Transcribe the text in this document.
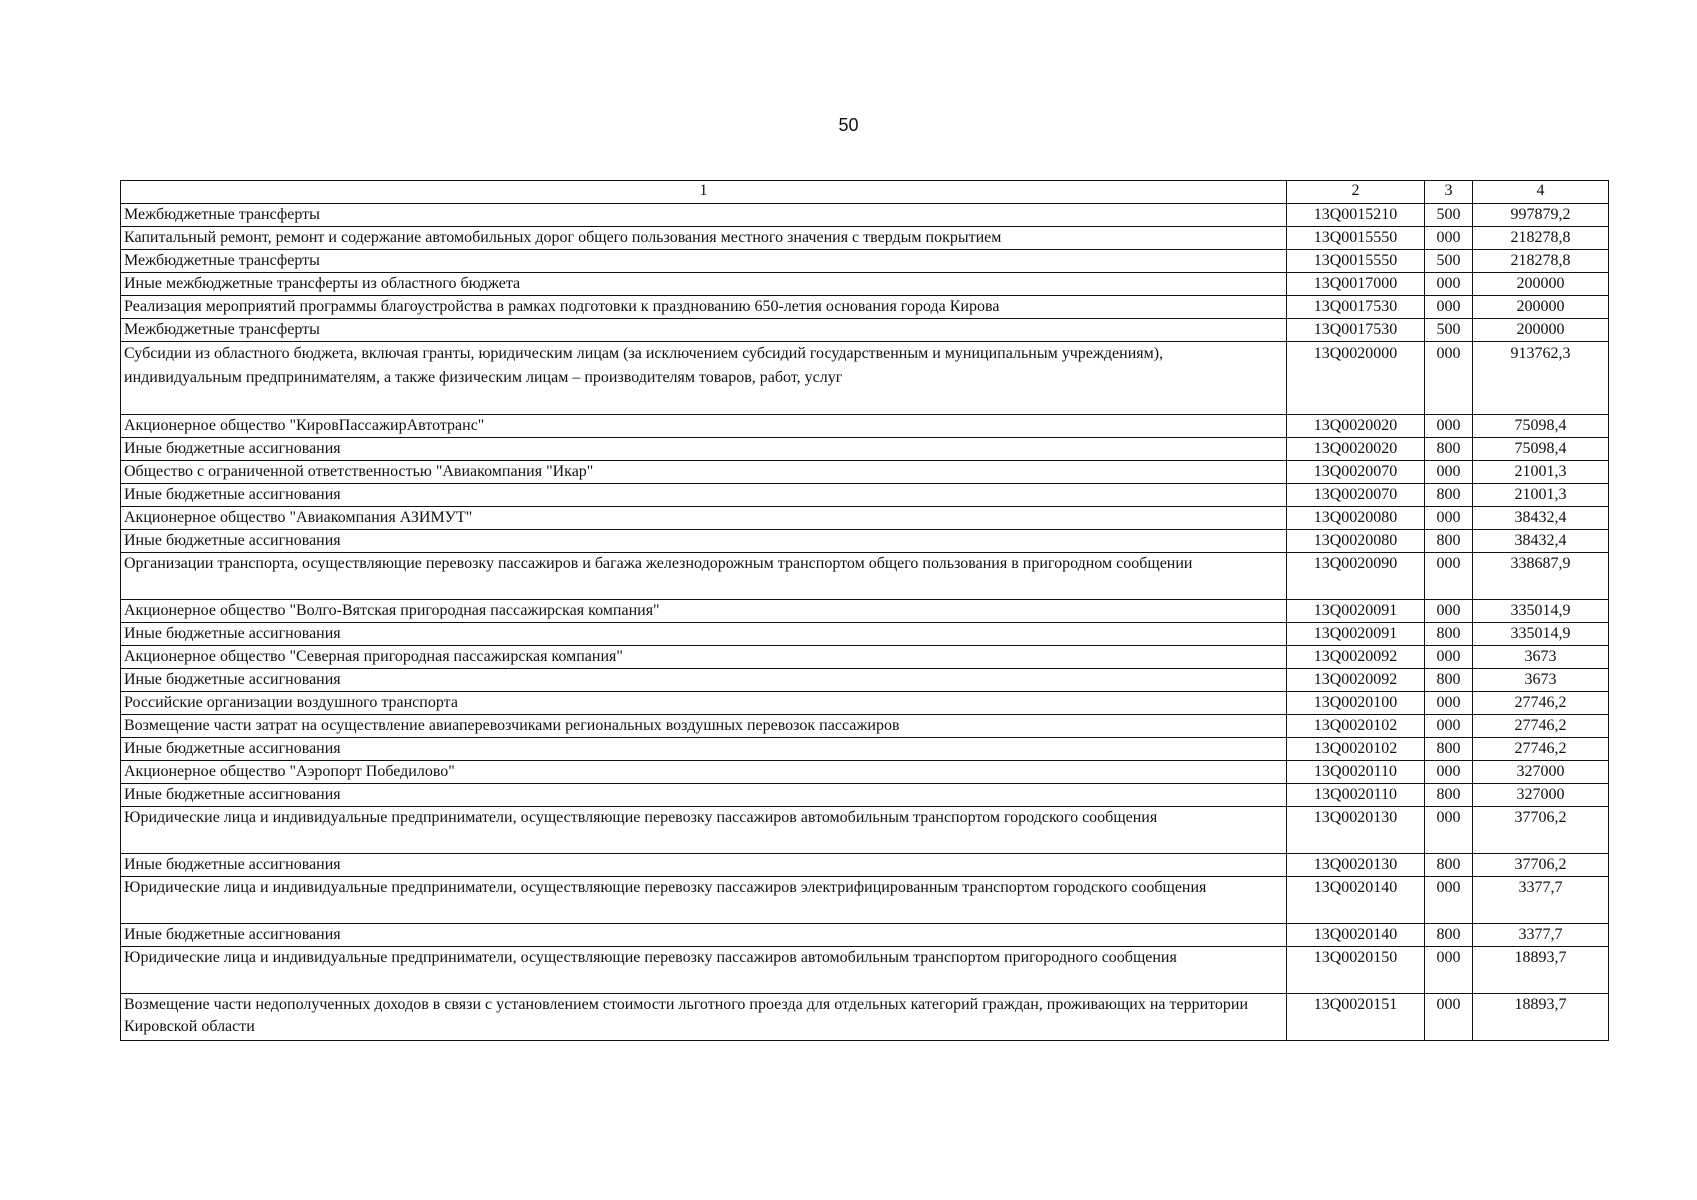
50
1	2	3	4
Межбюджетные трансферты	13Q0015210	500	997879,2
Капитальный ремонт, ремонт и содержание автомобильных дорог общего пользования местного значения с твердым покрытием	13Q0015550	000	218278,8
Межбюджетные трансферты	13Q0015550	500	218278,8
Иные межбюджетные трансферты из областного бюджета	13Q0017000	000	200000
Реализация мероприятий программы благоустройства в рамках подготовки к празднованию 650-летия основания города Кирова	13Q0017530	000	200000
Межбюджетные трансферты	13Q0017530	500	200000
Субсидии из областного бюджета, включая гранты, юридическим лицам (за исключением субсидий государственным и муниципальным учреждениям), индивидуальным предпринимателям, а также физическим лицам – производителям товаров, работ, услуг	13Q0020000	000	913762,3
Акционерное общество "КировПассажирАвтотранс"	13Q0020020	000	75098,4
Иные бюджетные ассигнования	13Q0020020	800	75098,4
Общество с ограниченной ответственностью "Авиакомпания "Икар"	13Q0020070	000	21001,3
Иные бюджетные ассигнования	13Q0020070	800	21001,3
Акционерное общество "Авиакомпания АЗИМУТ"	13Q0020080	000	38432,4
Иные бюджетные ассигнования	13Q0020080	800	38432,4
Организации транспорта, осуществляющие перевозку пассажиров и багажа железнодорожным транспортом общего пользования в пригородном сообщении	13Q0020090	000	338687,9
Акционерное общество "Волго-Вятская пригородная пассажирская компания"	13Q0020091	000	335014,9
Иные бюджетные ассигнования	13Q0020091	800	335014,9
Акционерное общество "Северная пригородная пассажирская компания"	13Q0020092	000	3673
Иные бюджетные ассигнования	13Q0020092	800	3673
Российские организации воздушного транспорта	13Q0020100	000	27746,2
Возмещение части затрат на осуществление авиаперевозчиками региональных воздушных перевозок пассажиров	13Q0020102	000	27746,2
Иные бюджетные ассигнования	13Q0020102	800	27746,2
Акционерное общество "Аэропорт Победилово"	13Q0020110	000	327000
Иные бюджетные ассигнования	13Q0020110	800	327000
Юридические лица и индивидуальные предприниматели, осуществляющие перевозку пассажиров автомобильным транспортом городского сообщения	13Q0020130	000	37706,2
Иные бюджетные ассигнования	13Q0020130	800	37706,2
Юридические лица и индивидуальные предприниматели, осуществляющие перевозку пассажиров электрифицированным транспортом городского сообщения	13Q0020140	000	3377,7
Иные бюджетные ассигнования	13Q0020140	800	3377,7
Юридические лица и индивидуальные предприниматели, осуществляющие перевозку пассажиров автомобильным транспортом пригородного сообщения	13Q0020150	000	18893,7
Возмещение части недополученных доходов в связи с установлением стоимости льготного проезда для отдельных категорий граждан, проживающих на территории Кировской области	13Q0020151	000	18893,7
